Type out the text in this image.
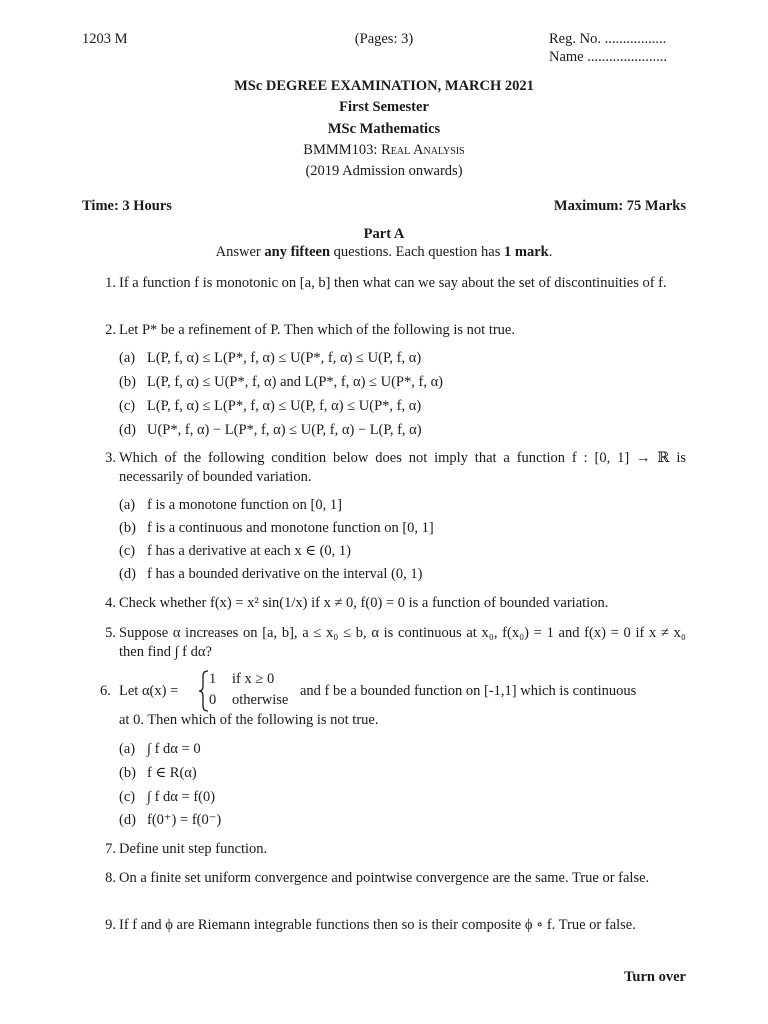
1203 M	(Pages: 3)	Reg. No. .................
Name ......................
MSc DEGREE EXAMINATION, MARCH 2021
First Semester
MSc Mathematics
BMMM103: Real Analysis
(2019 Admission onwards)
Time: 3 Hours	Maximum: 75 Marks
Part A
Answer any fifteen questions. Each question has 1 mark.
1. If a function f is monotonic on [a, b] then what can we say about the set of discontinuities of f.
2. Let P* be a refinement of P. Then which of the following is not true.
(a) L(P, f, α) ≤ L(P*, f, α) ≤ U(P*, f, α) ≤ U(P, f, α)
(b) L(P, f, α) ≤ U(P*, f, α) and L(P*, f, α) ≤ U(P*, f, α)
(c) L(P, f, α) ≤ L(P*, f, α) ≤ U(P, f, α) ≤ U(P*, f, α)
(d) U(P*, f, α) − L(P*, f, α) ≤ U(P, f, α) − L(P, f, α)
3. Which of the following condition below does not imply that a function f : [0, 1] → ℝ is necessarily of bounded variation.
(a) f is a monotone function on [0, 1]
(b) f is a continuous and monotone function on [0, 1]
(c) f has a derivative at each x ∈ (0, 1)
(d) f has a bounded derivative on the interval (0, 1)
4. Check whether f(x) = x² sin(1/x) if x ≠ 0, f(0) = 0 is a function of bounded variation.
5. Suppose α increases on [a, b], a ≤ x₀ ≤ b, α is continuous at x₀, f(x₀) = 1 and f(x) = 0 if x ≠ x₀ then find ∫ f dα?
6. Let α(x) =
1 if x ≥ 0
0 otherwise
and f be a bounded function on [-1,1] which is continuous
at 0. Then which of the following is not true.
(a) ∫ f dα = 0
(b) f ∈ R(α)
(c) ∫ f dα = f(0)
(d) f(0⁺) = f(0⁻)
7. Define unit step function.
8. On a finite set uniform convergence and pointwise convergence are the same. True or false.
9. If f and ϕ are Riemann integrable functions then so is their composite ϕ ∘ f. True or false.
Turn over
